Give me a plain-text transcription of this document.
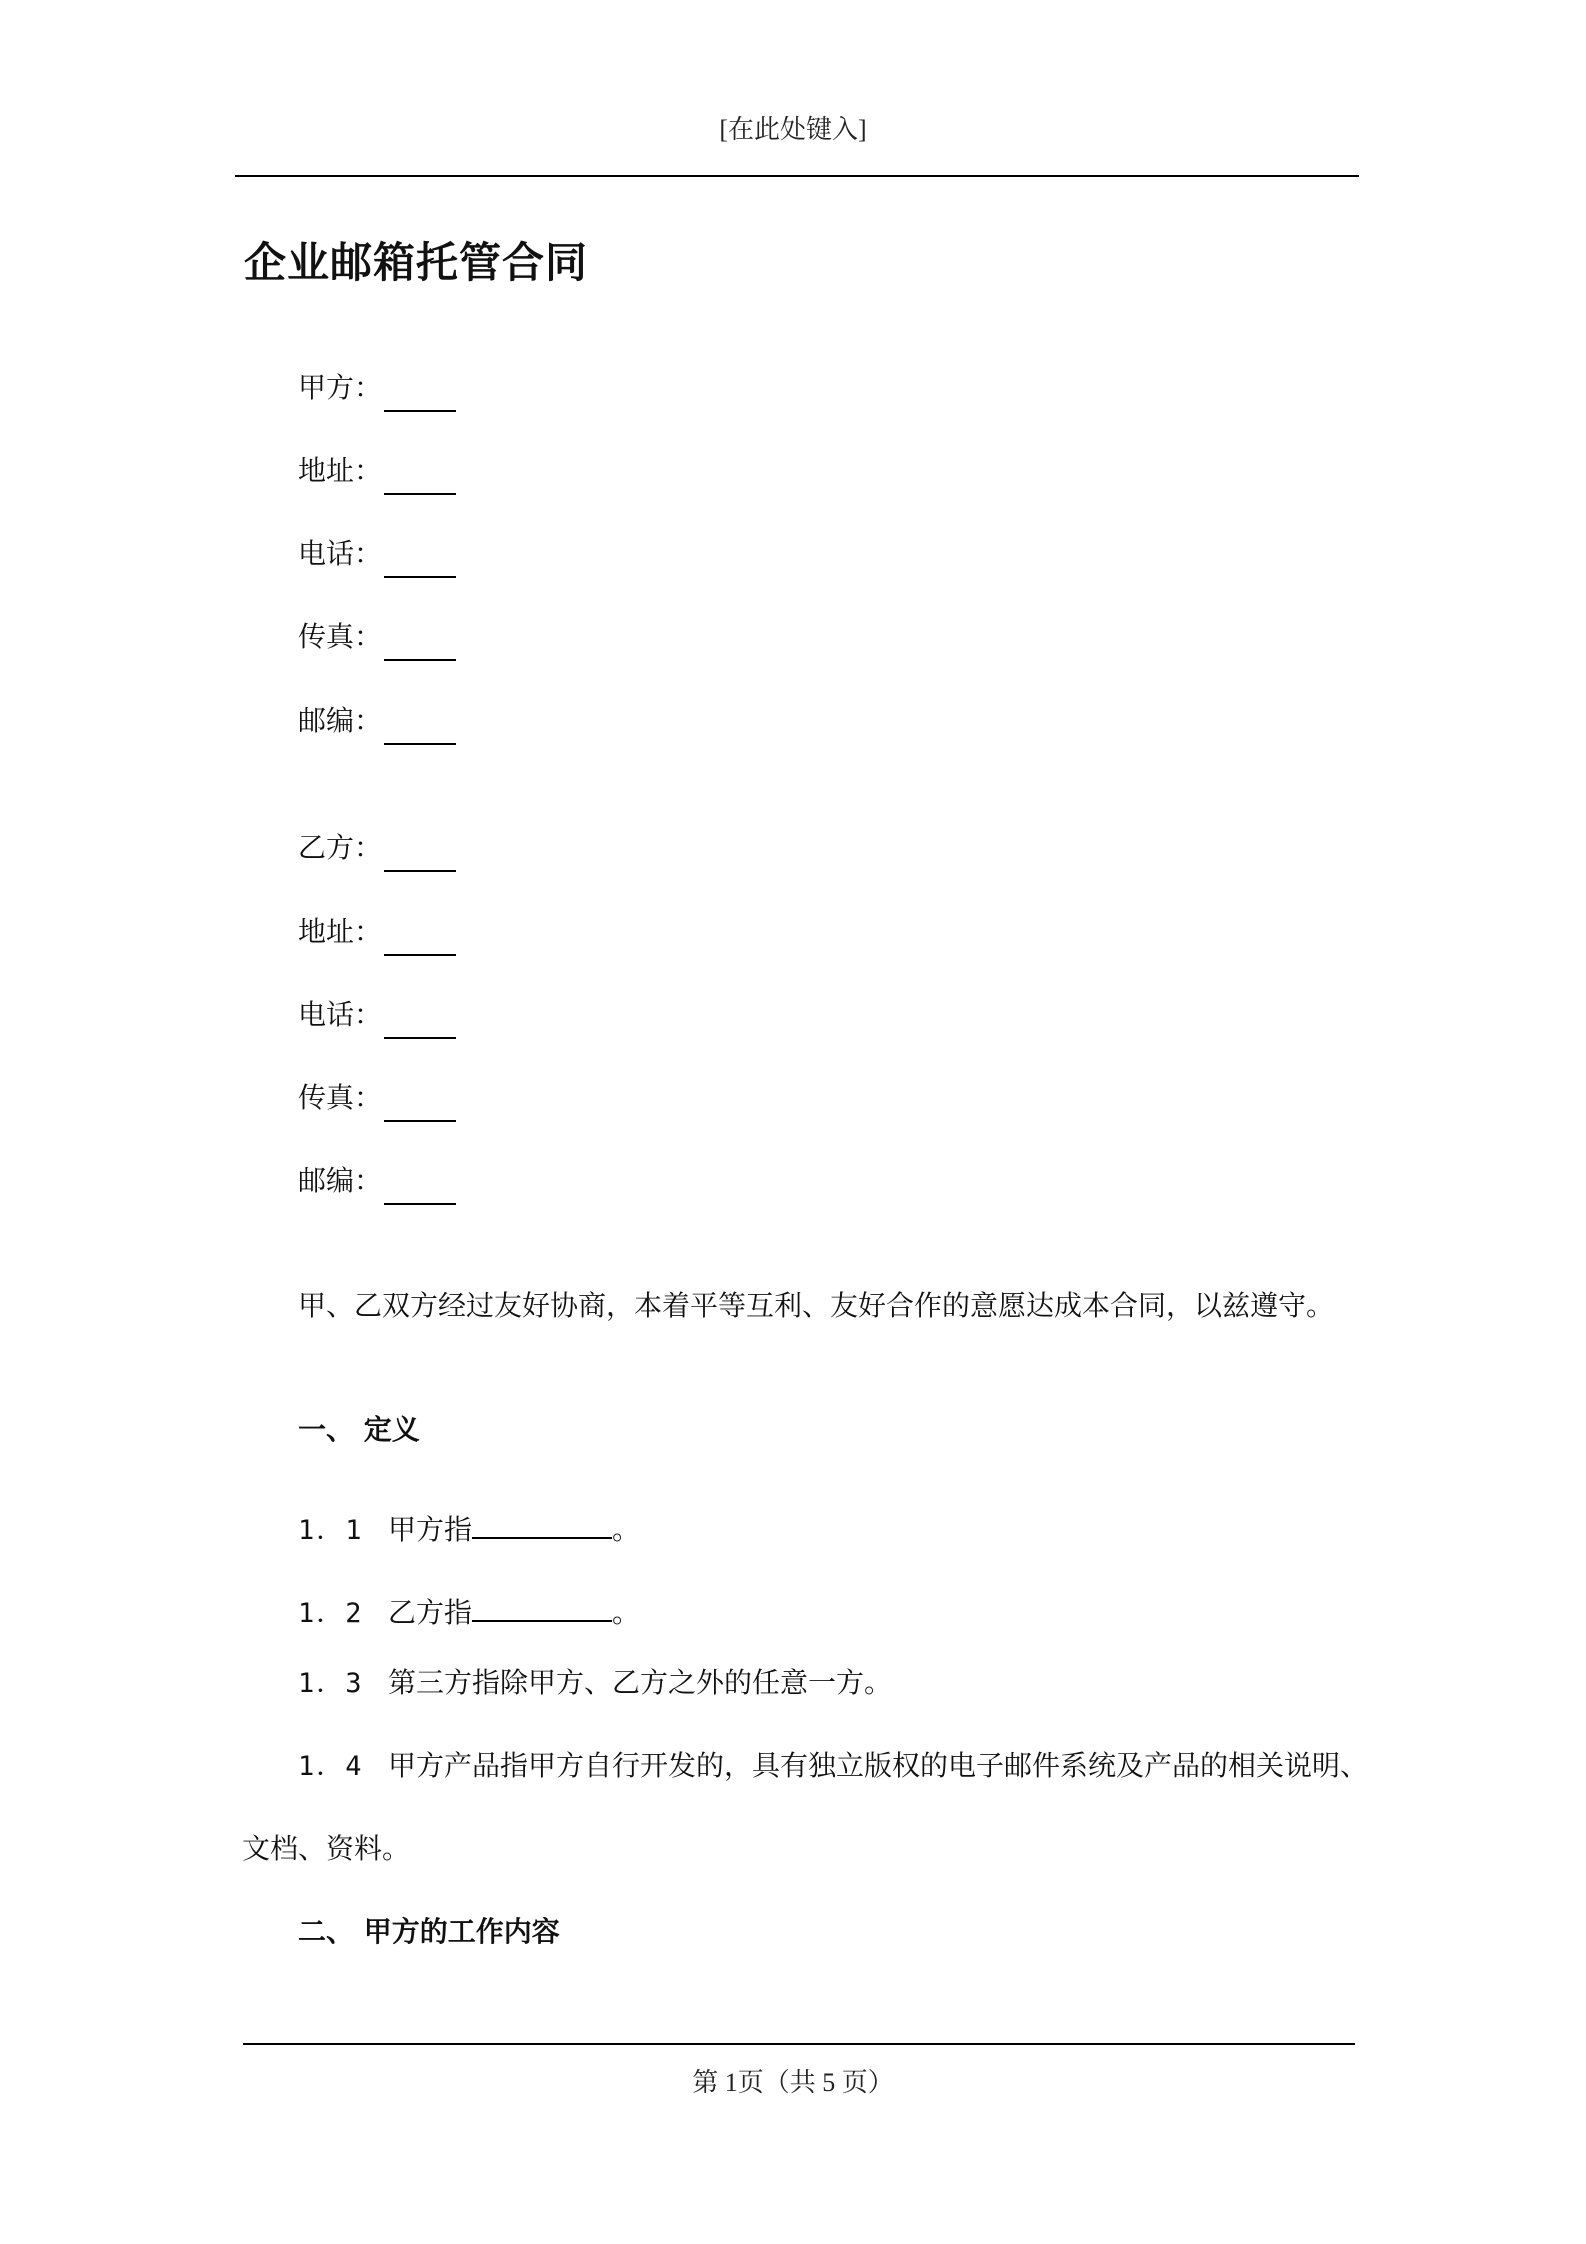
[在此处键入]
企业邮箱托管合同
甲方：
地址：
电话：
传真：
邮编：
乙方：
地址：
电话：
传真：
邮编：
甲、乙双方经过友好协商，本着平等互利、友好合作的意愿达成本合同，以兹遵守。
一、 定义
1．1 甲方指	。
1．2 乙方指	。
1．3 第三方指除甲方、乙方之外的任意一方。
1．4 甲方产品指甲方自行开发的，具有独立版权的电子邮件系统及产品的相关说明、
文档、资料。
二、 甲方的工作内容
第 1页（共 5 页）
